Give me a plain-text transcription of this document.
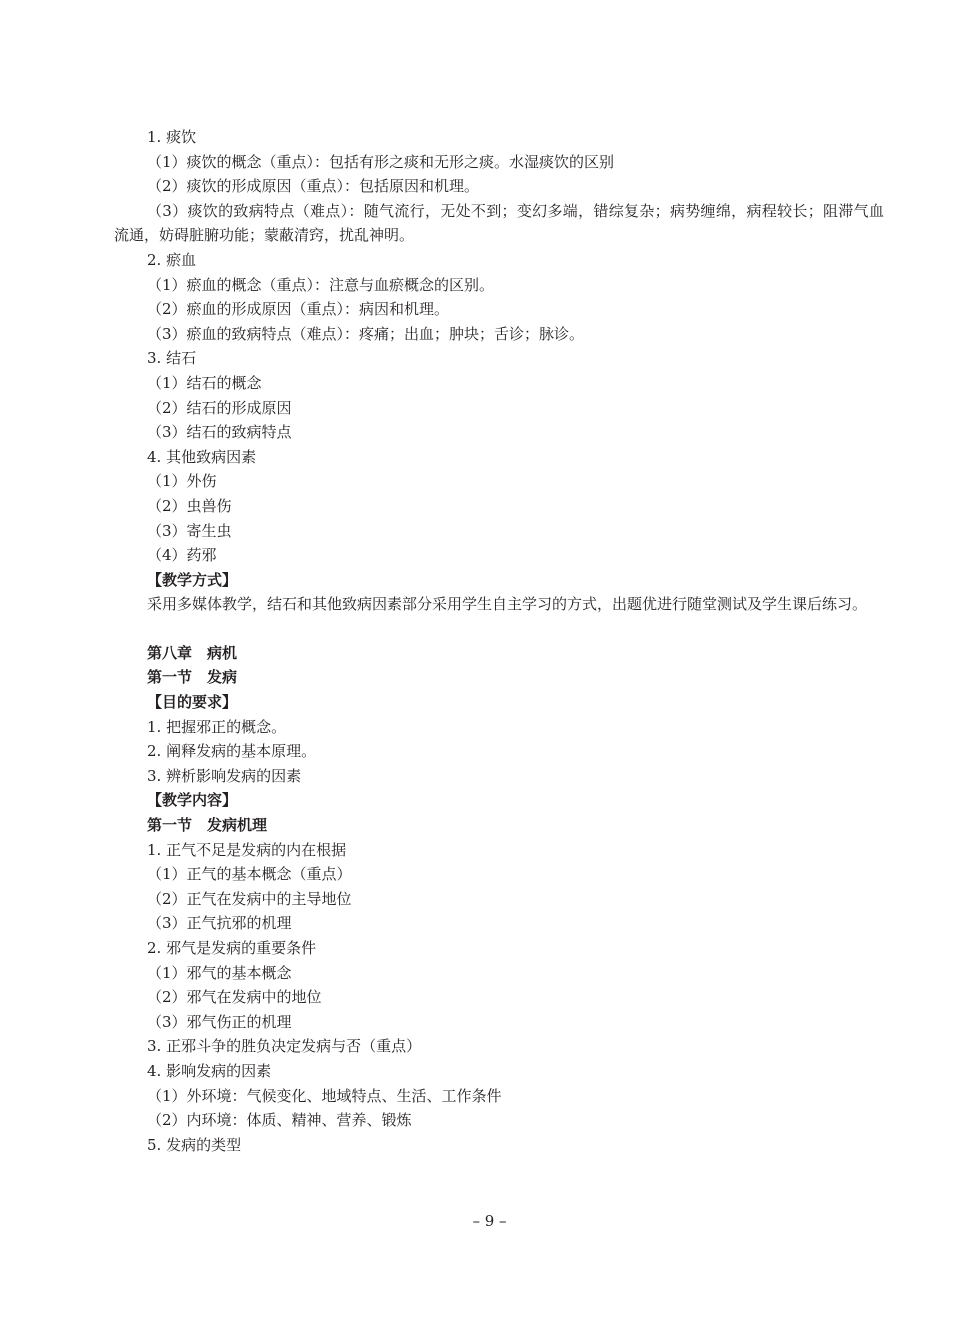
1. 痰饮
（1）痰饮的概念（重点）：包括有形之痰和无形之痰。水湿痰饮的区别
（2）痰饮的形成原因（重点）：包括原因和机理。
（3）痰饮的致病特点（难点）：随气流行，无处不到；变幻多端，错综复杂；病势缠绵，病程较长；阻滞气血流通，妨碍脏腑功能；蒙蔽清窍，扰乱神明。
2. 瘀血
（1）瘀血的概念（重点）：注意与血瘀概念的区别。
（2）瘀血的形成原因（重点）：病因和机理。
（3）瘀血的致病特点（难点）：疼痛；出血；肿块；舌诊；脉诊。
3. 结石
（1）结石的概念
（2）结石的形成原因
（3）结石的致病特点
4. 其他致病因素
（1）外伤
（2）虫兽伤
（3）寄生虫
（4）药邪
【教学方式】
采用多媒体教学，结石和其他致病因素部分采用学生自主学习的方式，出题优进行随堂测试及学生课后练习。
第八章　病机
第一节　发病
【目的要求】
1. 把握邪正的概念。
2. 阐释发病的基本原理。
3. 辨析影响发病的因素
【教学内容】
第一节　发病机理
1. 正气不足是发病的内在根据
（1）正气的基本概念（重点）
（2）正气在发病中的主导地位
（3）正气抗邪的机理
2. 邪气是发病的重要条件
（1）邪气的基本概念
（2）邪气在发病中的地位
（3）邪气伤正的机理
3. 正邪斗争的胜负决定发病与否（重点）
4. 影响发病的因素
（1）外环境：气候变化、地域特点、生活、工作条件
（2）内环境：体质、精神、营养、锻炼
5. 发病的类型
– 9 –
